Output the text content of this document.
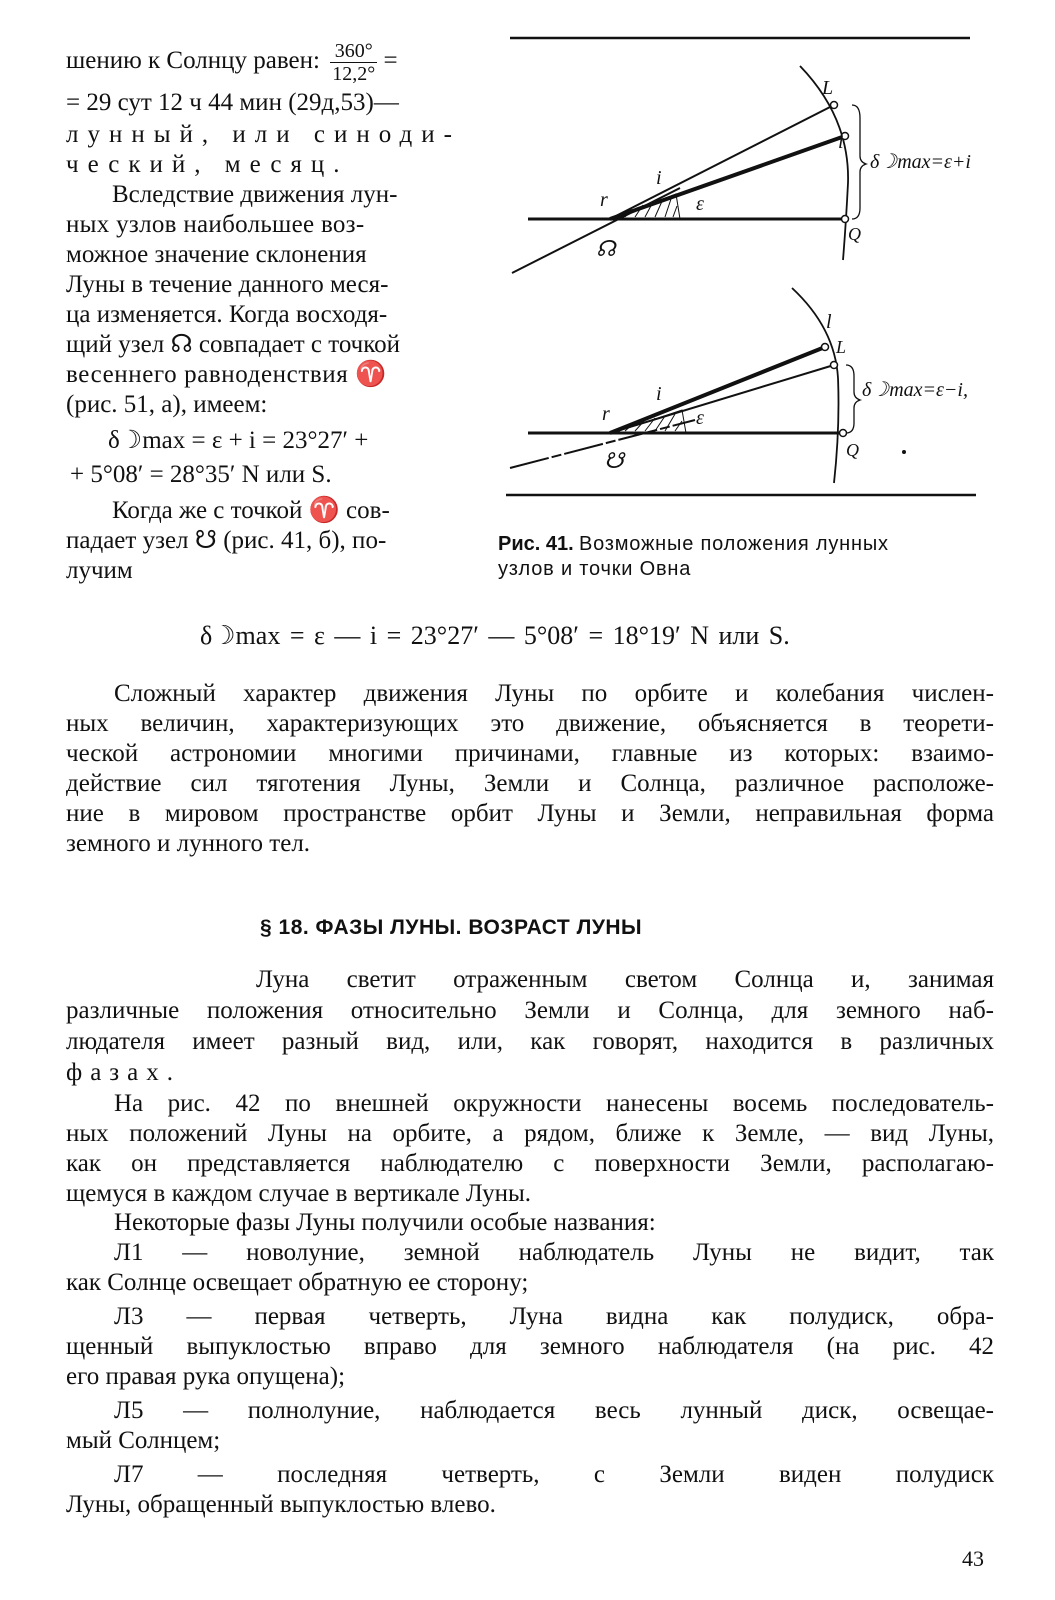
шению к Солнцу равен: $\frac{360^\circ}{12,2^\circ}$ =
= 29 сут 12 ч 44 мин (29д,53)—
лунный, или синоди-
ческий, месяц.
Вследствие движения лун-
ных узлов наибольшее воз-
можное значение склонения
Луны в течение данного меся-
ца изменяется. Когда восходя-
щий узел ☊ совпадает с точкой
весеннего равноденствия ♈
(рис. 51, а), имеем:
δ☽max = ε + i = 23°27′ +
+ 5°08′ = 28°35′ N или S.
Когда же с точкой ♈ сов-
падает узел ☋ (рис. 41, б), по-
лучим
L
i
i
ε
r
☊
Q
δ☽max=ε+i
l
L
i
ε
r
☋	Q
δ☽max=ε−i,
Рис. 41. Возможные положения лунных
узлов и точки Овна
δ☽max = ε — i = 23°27′ — 5°08′ = 18°19′ N или S.
Сложный характер движения Луны по орбите и колебания числен-
ных величин, характеризующих это движение, объясняется в теорети-
ческой астрономии многими причинами, главные из которых: взаимо-
действие сил тяготения Луны, Земли и Солнца, различное расположе-
ние в мировом пространстве орбит Луны и Земли, неправильная форма
земного и лунного тел.
§ 18. ФАЗЫ ЛУНЫ. ВОЗРАСТ ЛУНЫ
Луна светит отраженным светом Солнца и, занимая
различные положения относительно Земли и Солнца, для земного наб-
людателя имеет разный вид, или, как говорят, находится в различных
фазах.
На рис. 42 по внешней окружности нанесены восемь последователь-
ных положений Луны на орбите, а рядом, ближе к Земле, — вид Луны,
как он представляется наблюдателю с поверхности Земли, располагаю-
щемуся в каждом случае в вертикале Луны.
Некоторые фазы Луны получили особые названия:
Л1 — новолуние, земной наблюдатель Луны не видит, так
как Солнце освещает обратную ее сторону;
Л3 — первая четверть, Луна видна как полудиск, обра-
щенный выпуклостью вправо для земного наблюдателя (на рис. 42
его правая рука опущена);
Л5 — полнолуние, наблюдается весь лунный диск, освещае-
мый Солнцем;
Л7 — последняя четверть, с Земли виден полудиск
Луны, обращенный выпуклостью влево.
43
